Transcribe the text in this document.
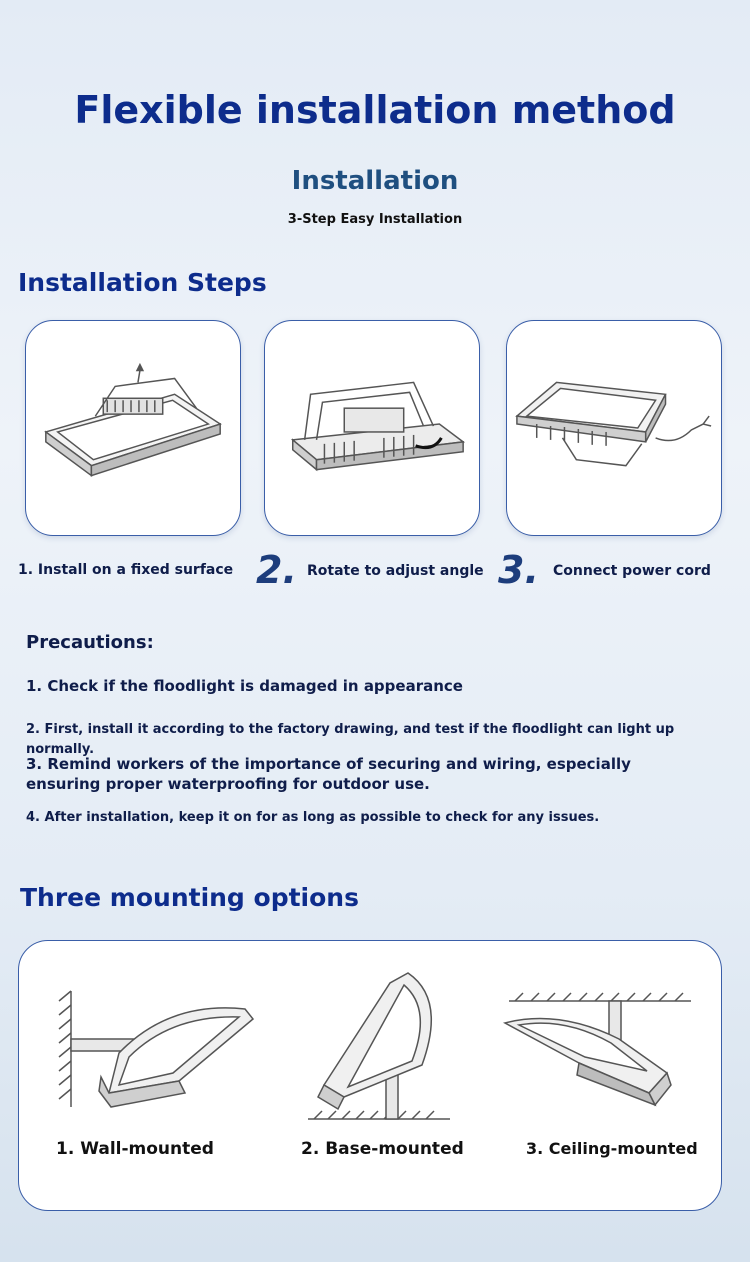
Flexible installation method
Installation
3-Step Easy Installation
Installation Steps
1. Install on a fixed surface 2. Rotate to adjust angle 3. Connect power cord
Precautions:
1. Check if the floodlight is damaged in appearance
2. First, install it according to the factory drawing, and test if the floodlight can light up normally.
3. Remind workers of the importance of securing and wiring, especially ensuring proper waterproofing for outdoor use.
4. After installation, keep it on for as long as possible to check for any issues.
Three mounting options
1. Wall-mounted	2. Base-mounted	3. Ceiling-mounted
